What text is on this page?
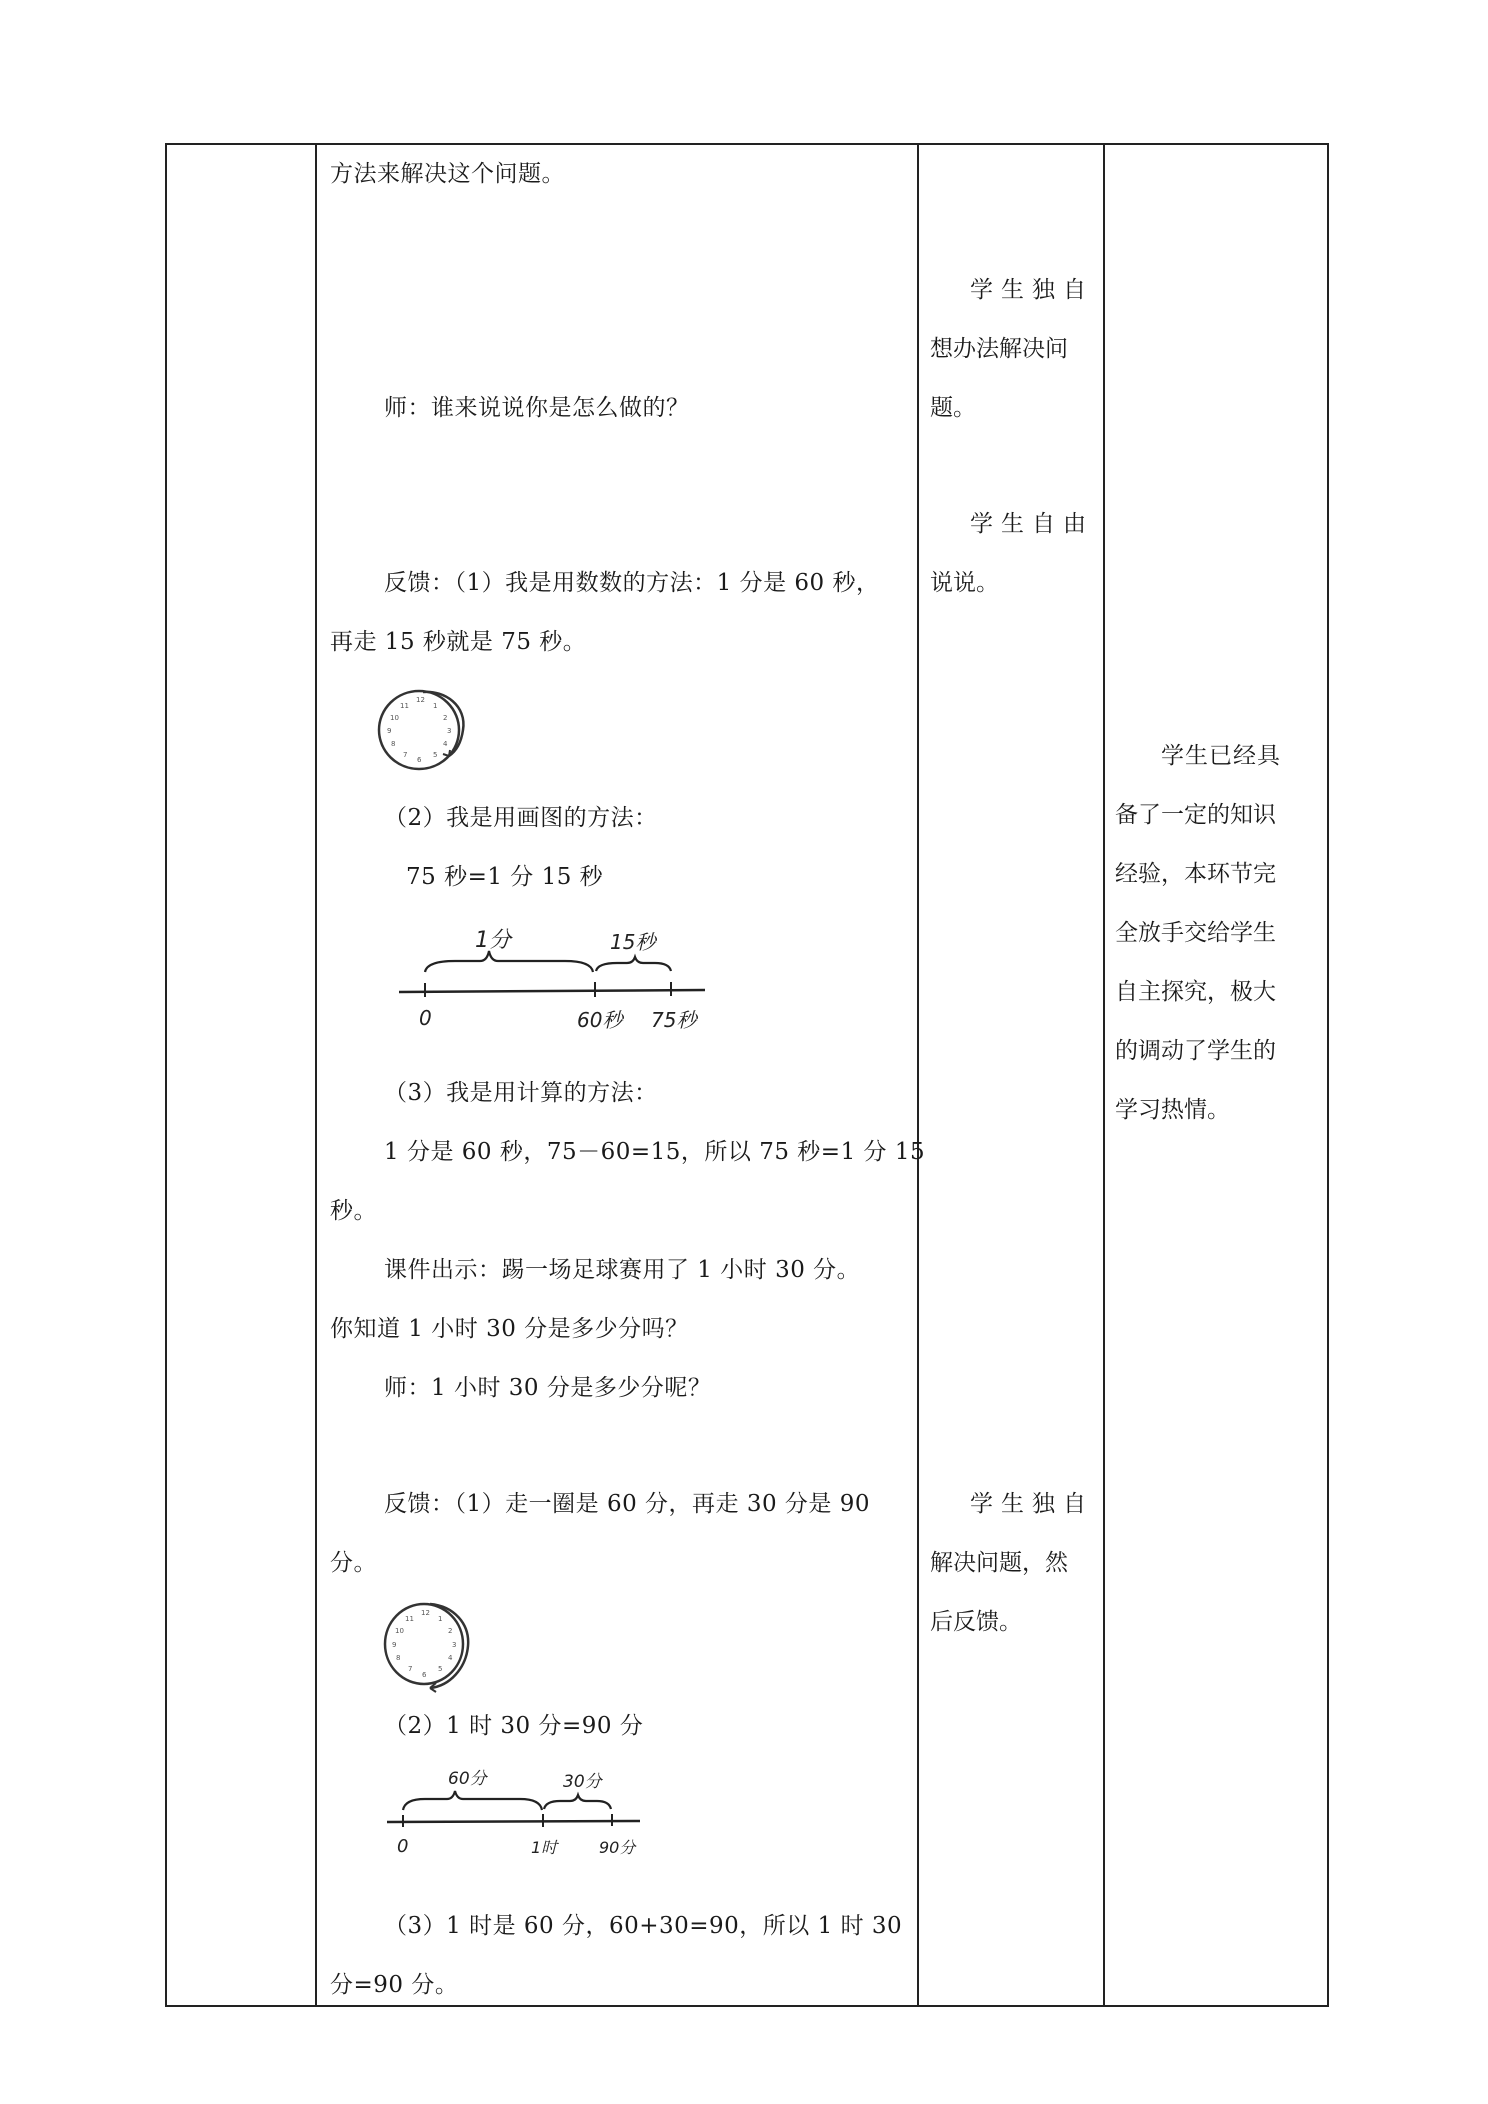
方法来解决这个问题。
师：谁来说说你是怎么做的？
反馈：（1）我是用数数的方法：1 分是 60 秒，
再走 15 秒就是 75 秒。
12
1
2
3
4
5
6
7
8
9
10
11
（2）我是用画图的方法：
75 秒=1 分 15 秒
1分	15秒
0	60秒 75秒
（3）我是用计算的方法：
1 分是 60 秒，75－60=15，所以 75 秒=1 分 15
秒。
课件出示：踢一场足球赛用了 1 小时 30 分。
你知道 1 小时 30 分是多少分吗？
师：1 小时 30 分是多少分呢？
反馈：（1）走一圈是 60 分，再走 30 分是 90
分。
12
1
2
3
4
5
6
7
8
9
10
11
（2）1 时 30 分=90 分
60分	30分
0	1时	90分
（3）1 时是 60 分，60+30=90，所以 1 时 30
分=90 分。
学生独自
想办法解决问
题。
学生自由
说说。
学生独自
解决问题，然
后反馈。
学生已经具
备了一定的知识
经验，本环节完
全放手交给学生
自主探究，极大
的调动了学生的
学习热情。
